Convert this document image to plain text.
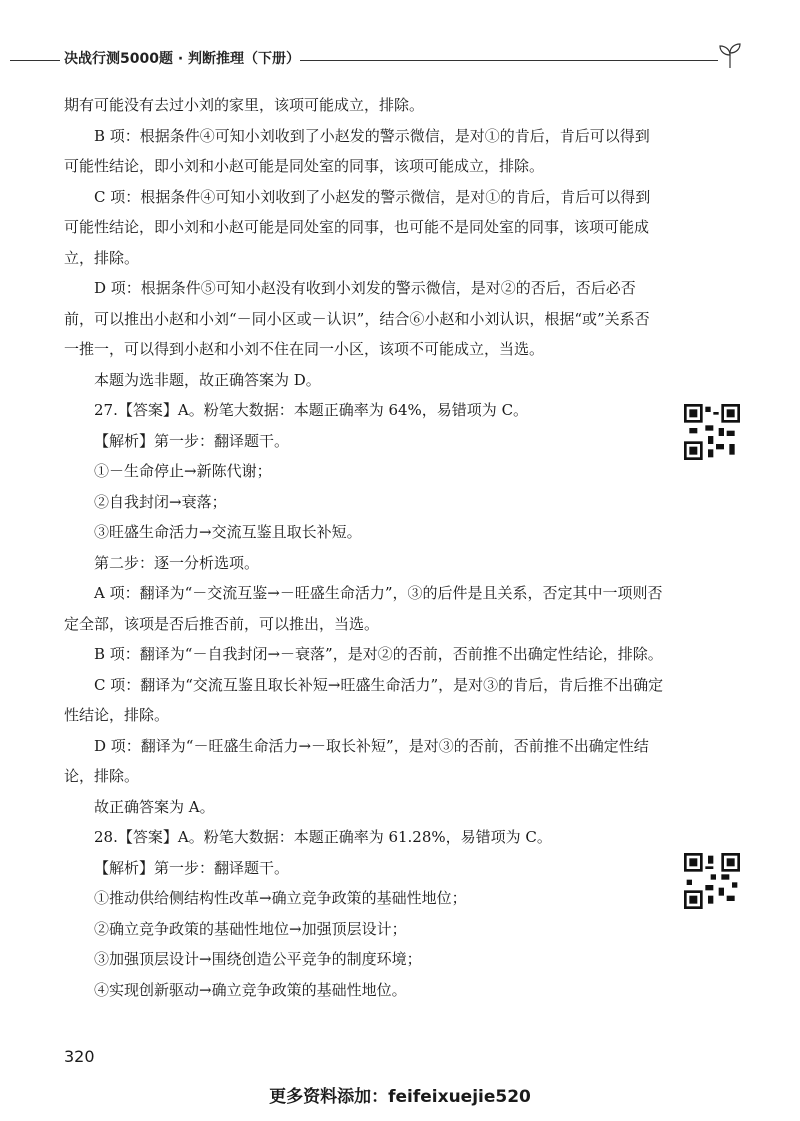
决战行测5000题 · 判断推理（下册）

期有可能没有去过小刘的家里，该项可能成立，排除。

B 项：根据条件④可知小刘收到了小赵发的警示微信，是对①的肯后，肯后可以得到可能性结论，即小刘和小赵可能是同处室的同事，该项可能成立，排除。

C 项：根据条件④可知小刘收到了小赵发的警示微信，是对①的肯后，肯后可以得到可能性结论，即小刘和小赵可能是同处室的同事，也可能不是同处室的同事，该项可能成立，排除。

D 项：根据条件⑤可知小赵没有收到小刘发的警示微信，是对②的否后，否后必否前，可以推出小赵和小刘“－同小区或－认识”，结合⑥小赵和小刘认识，根据“或”关系否一推一，可以得到小赵和小刘不住在同一小区，该项不可能成立，当选。

本题为选非题，故正确答案为 D。

27.【答案】A。粉笔大数据：本题正确率为 64%，易错项为 C。

【解析】第一步：翻译题干。

①－生命停止→新陈代谢；

②自我封闭→衰落；

③旺盛生命活力→交流互鉴且取长补短。

第二步：逐一分析选项。

A 项：翻译为“－交流互鉴→－旺盛生命活力”，③的后件是且关系，否定其中一项则否定全部，该项是否后推否前，可以推出，当选。

B 项：翻译为“－自我封闭→－衰落”，是对②的否前，否前推不出确定性结论，排除。

C 项：翻译为“交流互鉴且取长补短→旺盛生命活力”，是对③的肯后，肯后推不出确定性结论，排除。

D 项：翻译为“－旺盛生命活力→－取长补短”，是对③的否前，否前推不出确定性结论，排除。

故正确答案为 A。

28.【答案】A。粉笔大数据：本题正确率为 61.28%，易错项为 C。

【解析】第一步：翻译题干。

①推动供给侧结构性改革→确立竞争政策的基础性地位；

②确立竞争政策的基础性地位→加强顶层设计；

③加强顶层设计→围绕创造公平竞争的制度环境；

④实现创新驱动→确立竞争政策的基础性地位。

320
更多资料添加：feifeixuejie520
